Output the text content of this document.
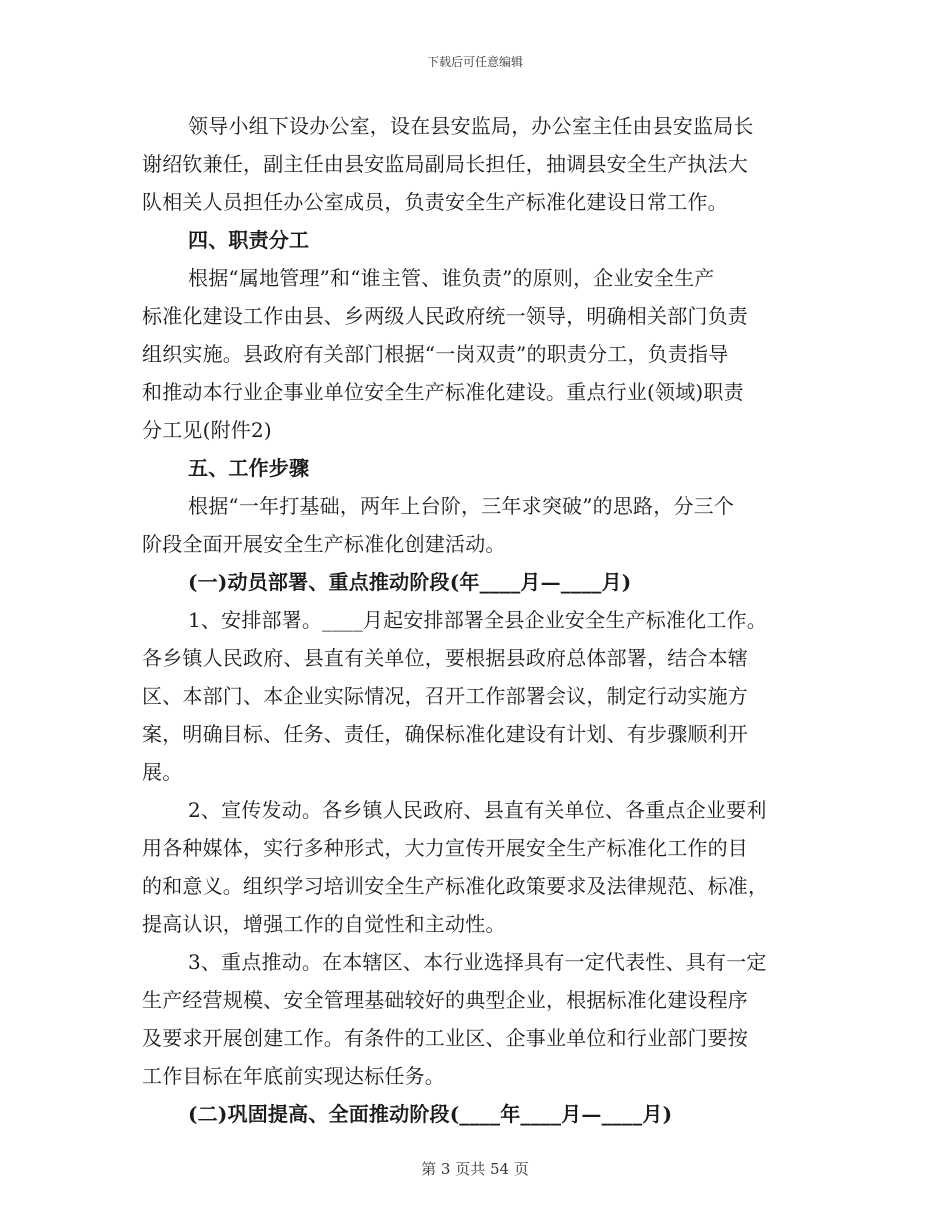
下载后可任意编辑
领导小组下设办公室，设在县安监局，办公室主任由县安监局长
谢绍钦兼任，副主任由县安监局副局长担任，抽调县安全生产执法大
队相关人员担任办公室成员，负责安全生产标准化建设日常工作。
四、职责分工
根据“属地管理”和“谁主管、谁负责”的原则，企业安全生产
标准化建设工作由县、乡两级人民政府统一领导，明确相关部门负责
组织实施。县政府有关部门根据“一岗双责”的职责分工，负责指导
和推动本行业企事业单位安全生产标准化建设。重点行业(领域)职责
分工见(附件2)
五、工作步骤
根据“一年打基础，两年上台阶，三年求突破”的思路，分三个
阶段全面开展安全生产标准化创建活动。
(一)动员部署、重点推动阶段(年____月—____月)
1、安排部署。____月起安排部署全县企业安全生产标准化工作。
各乡镇人民政府、县直有关单位，要根据县政府总体部署，结合本辖
区、本部门、本企业实际情况，召开工作部署会议，制定行动实施方
案，明确目标、任务、责任，确保标准化建设有计划、有步骤顺利开
展。
2、宣传发动。各乡镇人民政府、县直有关单位、各重点企业要利
用各种媒体，实行多种形式，大力宣传开展安全生产标准化工作的目
的和意义。组织学习培训安全生产标准化政策要求及法律规范、标准，
提高认识，增强工作的自觉性和主动性。
3、重点推动。在本辖区、本行业选择具有一定代表性、具有一定
生产经营规模、安全管理基础较好的典型企业，根据标准化建设程序
及要求开展创建工作。有条件的工业区、企事业单位和行业部门要按
工作目标在年底前实现达标任务。
(二)巩固提高、全面推动阶段(____年____月—____月)
第 3 页共 54 页
